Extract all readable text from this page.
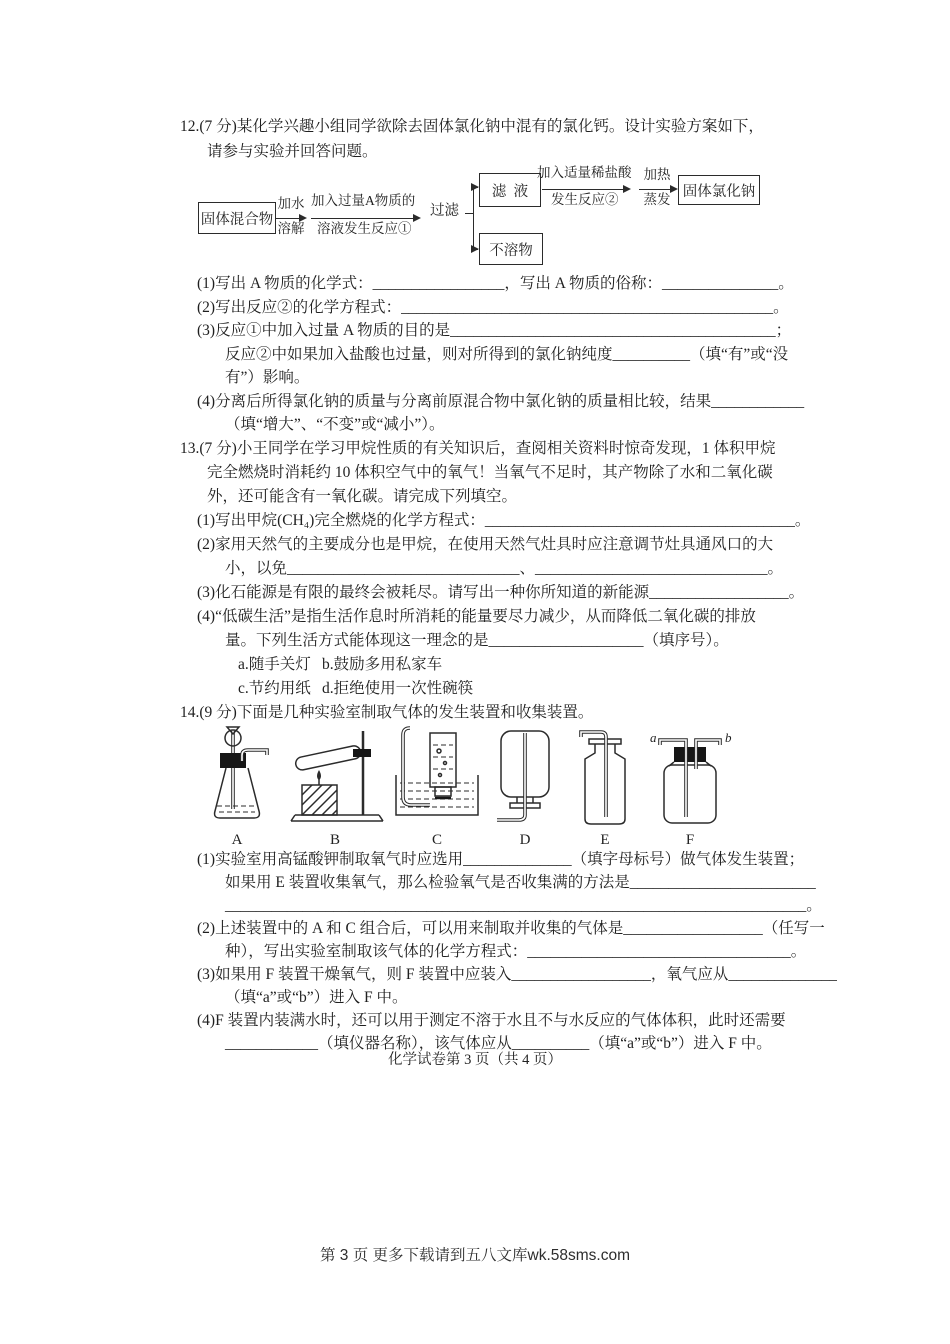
12.(7 分)某化学兴趣小组同学欲除去固体氯化钠中混有的氯化钙。设计实验方案如下，
请参与实验并回答问题。
固体混合物
加水
溶解
加入过量A物质的
溶液发生反应①
过滤
滤  液
不溶物
加入适量稀盐酸
发生反应②
加热
蒸发 固体氯化钠
(1)写出 A 物质的化学式：_________________，写出 A 物质的俗称：_______________。
(2)写出反应②的化学方程式：________________________________________________。
(3)反应①中加入过量 A 物质的目的是__________________________________________；
反应②中如果加入盐酸也过量，则对所得到的氯化钠纯度__________（填“有”或“没
有”）影响。
(4)分离后所得氯化钠的质量与分离前原混合物中氯化钠的质量相比较，结果____________
（填“增大”、“不变”或“减小”）。
13.(7 分)小王同学在学习甲烷性质的有关知识后，查阅相关资料时惊奇发现，1 体积甲烷
完全燃烧时消耗约 10 体积空气中的氧气！当氧气不足时，其产物除了水和二氧化碳
外，还可能含有一氧化碳。请完成下列填空。
(1)写出甲烷(CH₄)完全燃烧的化学方程式：________________________________________。
(2)家用天然气的主要成分也是甲烷，在使用天然气灶具时应注意调节灶具通风口的大
小，以免______________________________、______________________________。
(3)化石能源是有限的最终会被耗尽。请写出一种你所知道的新能源__________________。
(4)“低碳生活”是指生活作息时所消耗的能量要尽力减少，从而降低二氧化碳的排放
量。下列生活方式能体现这一理念的是____________________（填序号）。
a.随手关灯 b.鼓励多用私家车
c.节约用纸 d.拒绝使用一次性碗筷
14.(9 分)下面是几种实验室制取气体的发生装置和收集装置。
A	B	C	D	E
a	b
F
(1)实验室用高锰酸钾制取氧气时应选用______________（填字母标号）做气体发生装置；
如果用 E 装置收集氧气，那么检验氧气是否收集满的方法是________________________
___________________________________________________________________________。
(2)上述装置中的 A 和 C 组合后，可以用来制取并收集的气体是__________________（任写一
种），写出实验室制取该气体的化学方程式：__________________________________。
(3)如果用 F 装置干燥氧气，则 F 装置中应装入__________________，氧气应从______________
（填“a”或“b”）进入 F 中。
(4)F 装置内装满水时，还可以用于测定不溶于水且不与水反应的气体体积，此时还需要
____________（填仪器名称），该气体应从__________（填“a”或“b”）进入 F 中。
化学试卷第 3 页（共 4 页）
第 3 页 更多下载请到五八文库wk.58sms.com
